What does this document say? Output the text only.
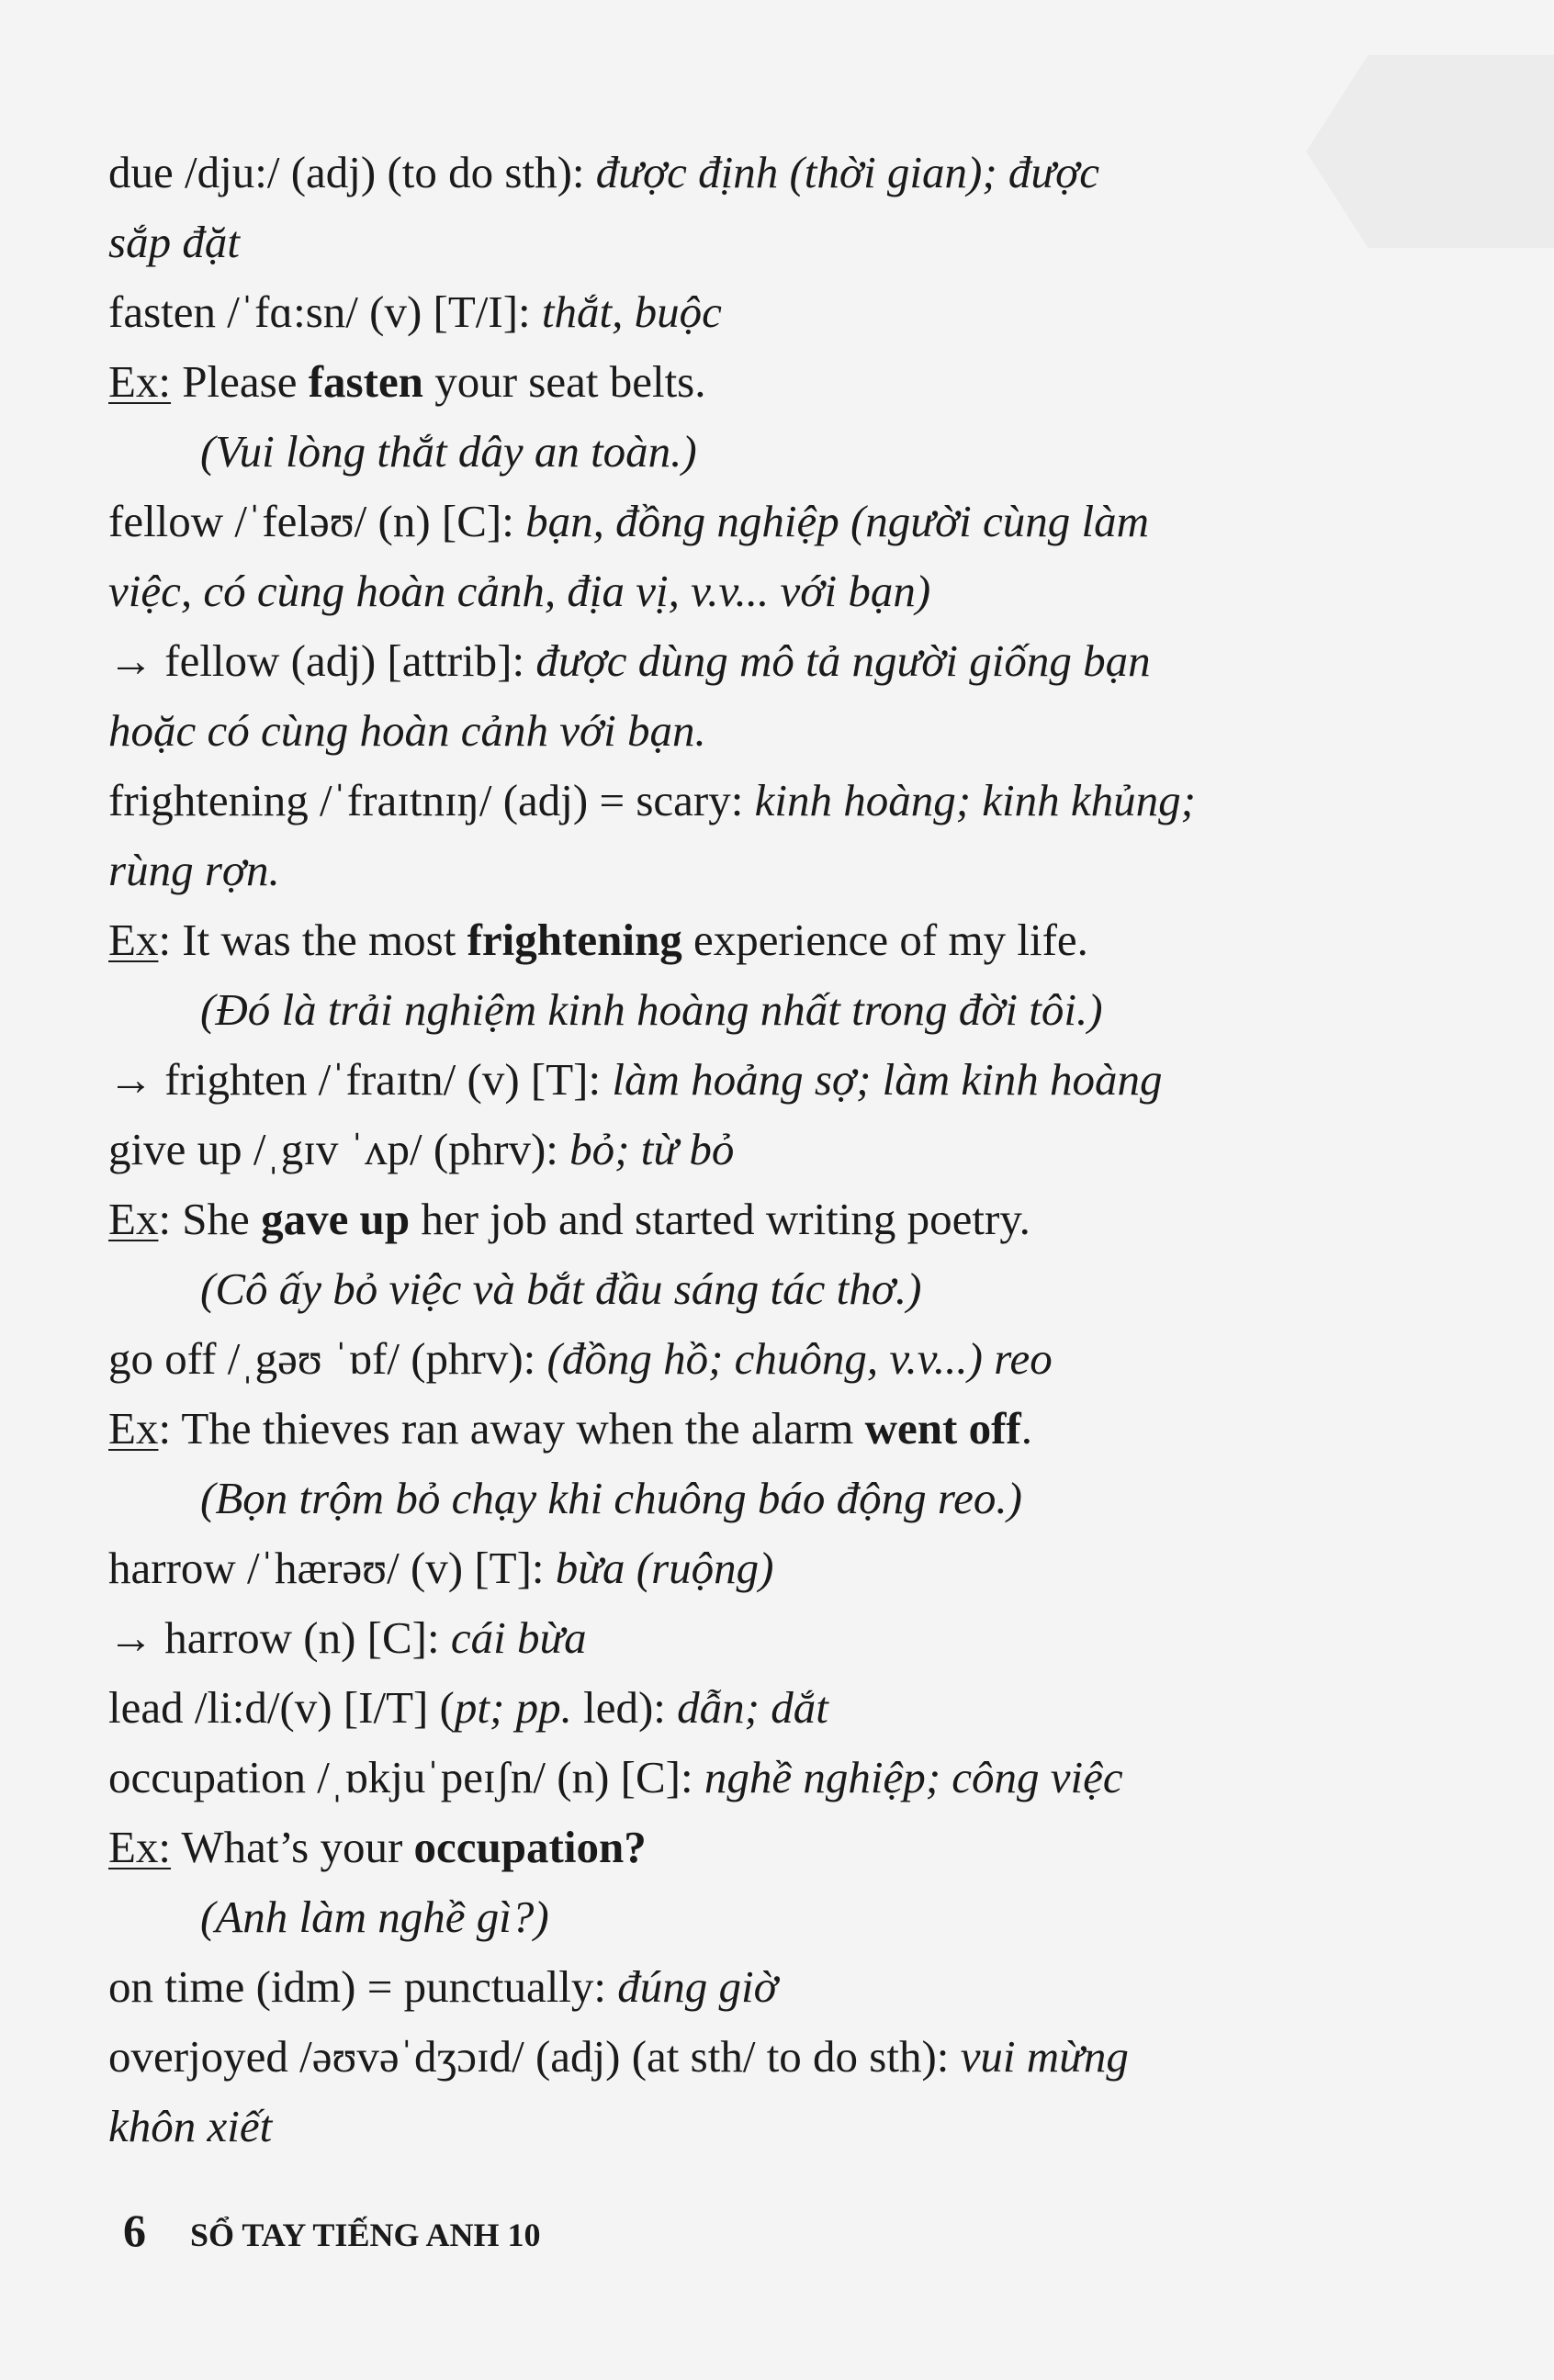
due /dju:/ (adj) (to do sth): được định (thời gian); được
sắp đặt
fasten /ˈfɑ:sn/ (v) [T/I]: thắt, buộc
Ex: Please fasten your seat belts.
(Vui lòng thắt dây an toàn.)
fellow /ˈfeləʊ/ (n) [C]: bạn, đồng nghiệp (người cùng làm
việc, có cùng hoàn cảnh, địa vị, v.v... với bạn)
→ fellow (adj) [attrib]: được dùng mô tả người giống bạn
hoặc có cùng hoàn cảnh với bạn.
frightening /ˈfraɪtnɪŋ/ (adj) = scary: kinh hoàng; kinh khủng;
rùng rợn.
Ex: It was the most frightening experience of my life.
(Đó là trải nghiệm kinh hoàng nhất trong đời tôi.)
→ frighten /ˈfraɪtn/ (v) [T]: làm hoảng sợ; làm kinh hoàng
give up /ˌgɪv ˈʌp/ (phrv): bỏ; từ bỏ
Ex: She gave up her job and started writing poetry.
(Cô ấy bỏ việc và bắt đầu sáng tác thơ.)
go off /ˌgəʊ ˈɒf/ (phrv): (đồng hồ; chuông, v.v...) reo
Ex: The thieves ran away when the alarm went off.
(Bọn trộm bỏ chạy khi chuông báo động reo.)
harrow /ˈhærəʊ/ (v) [T]: bừa (ruộng)
→ harrow (n) [C]: cái bừa
lead /li:d/(v) [I/T] (pt; pp. led): dẫn; dắt
occupation /ˌɒkjuˈpeɪʃn/ (n) [C]: nghề nghiệp; công việc
Ex: What’s your occupation?
(Anh làm nghề gì?)
on time (idm) = punctually: đúng giờ
overjoyed /əʊvəˈdʒɔɪd/ (adj) (at sth/ to do sth): vui mừng
khôn xiết
6 SỔ TAY TIẾNG ANH 10
